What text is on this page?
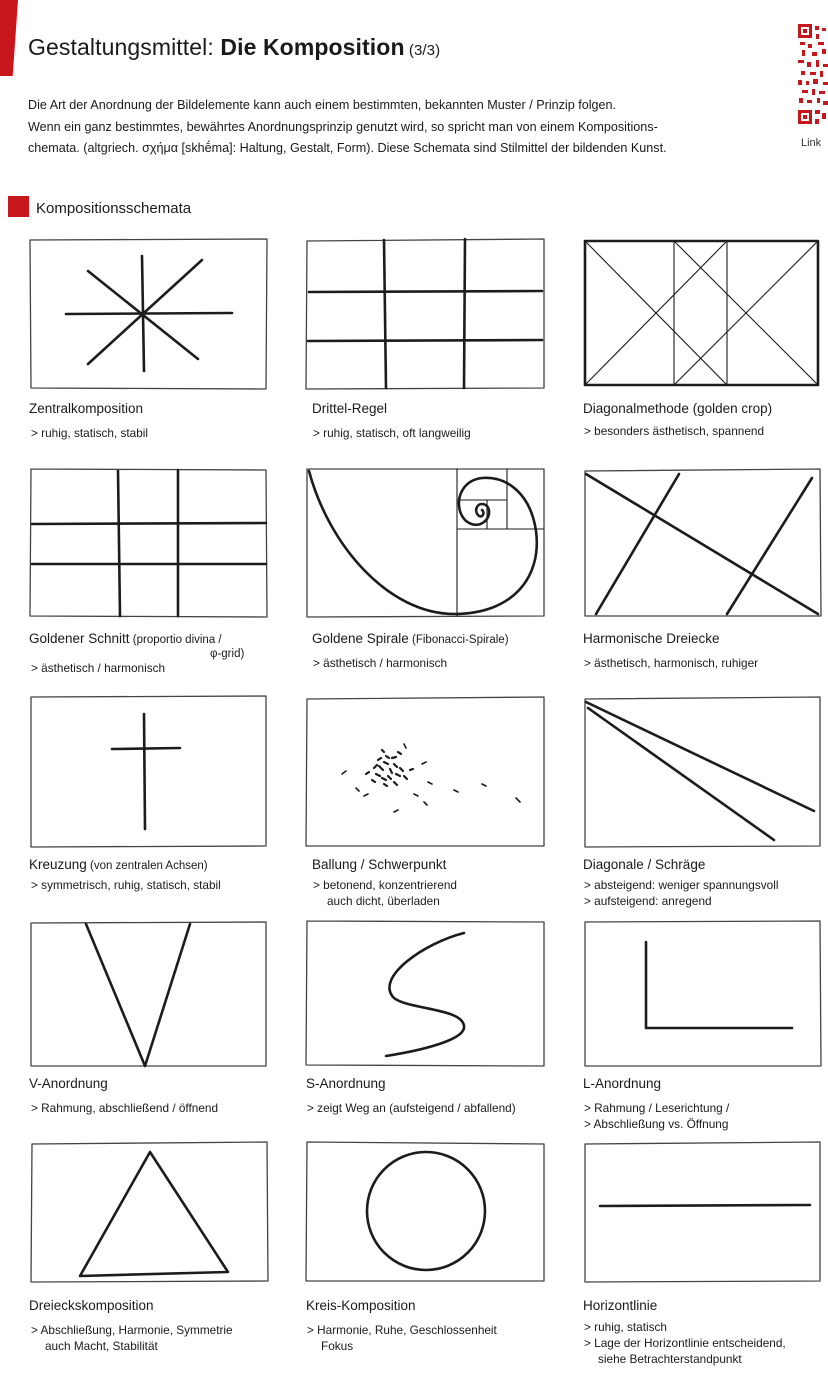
Gestaltungsmittel: Die Komposition (3/3)
Link

Die Art der Anordnung der Bildelemente kann auch einem bestimmten, bekannten Muster / Prinzip folgen.

Wenn ein ganz bestimmtes, bewährtes Anordnungsprinzip genutzt wird, so spricht man von einem Kompositions-

chemata. (altgriech. σχήμα [skhḗma]: Haltung, Gestalt, Form). Diese Schemata sind Stilmittel der bildenden Kunst.

Kompositionsschemata
Zentralkomposition
> ruhig, statisch, stabil
Drittel-Regel
> ruhig, statisch, oft langweilig
Diagonalmethode (golden crop)
> besonders ästhetisch, spannend
Goldener Schnitt (proportio divina /
φ-grid)
> ästhetisch / harmonisch
Goldene Spirale (Fibonacci-Spirale)
> ästhetisch / harmonisch
Harmonische Dreiecke
> ästhetisch, harmonisch, ruhiger
Kreuzung (von zentralen Achsen)
> symmetrisch, ruhig, statisch, stabil
Ballung / Schwerpunkt
> betonend, konzentrierend
auch dicht, überladen
Diagonale / Schräge
> absteigend: weniger spannungsvoll
> aufsteigend: anregend
V-Anordnung
> Rahmung, abschließend / öffnend
S-Anordnung
> zeigt Weg an (aufsteigend / abfallend)
L-Anordnung
> Rahmung / Leserichtung /
> Abschließung vs. Öffnung
Dreieckskomposition
> Abschließung, Harmonie, Symmetrie
auch Macht, Stabilität
Kreis-Komposition
> Harmonie, Ruhe, Geschlossenheit
Fokus
Horizontlinie
> ruhig, statisch
> Lage der Horizontlinie entscheidend,
siehe Betrachterstandpunkt
